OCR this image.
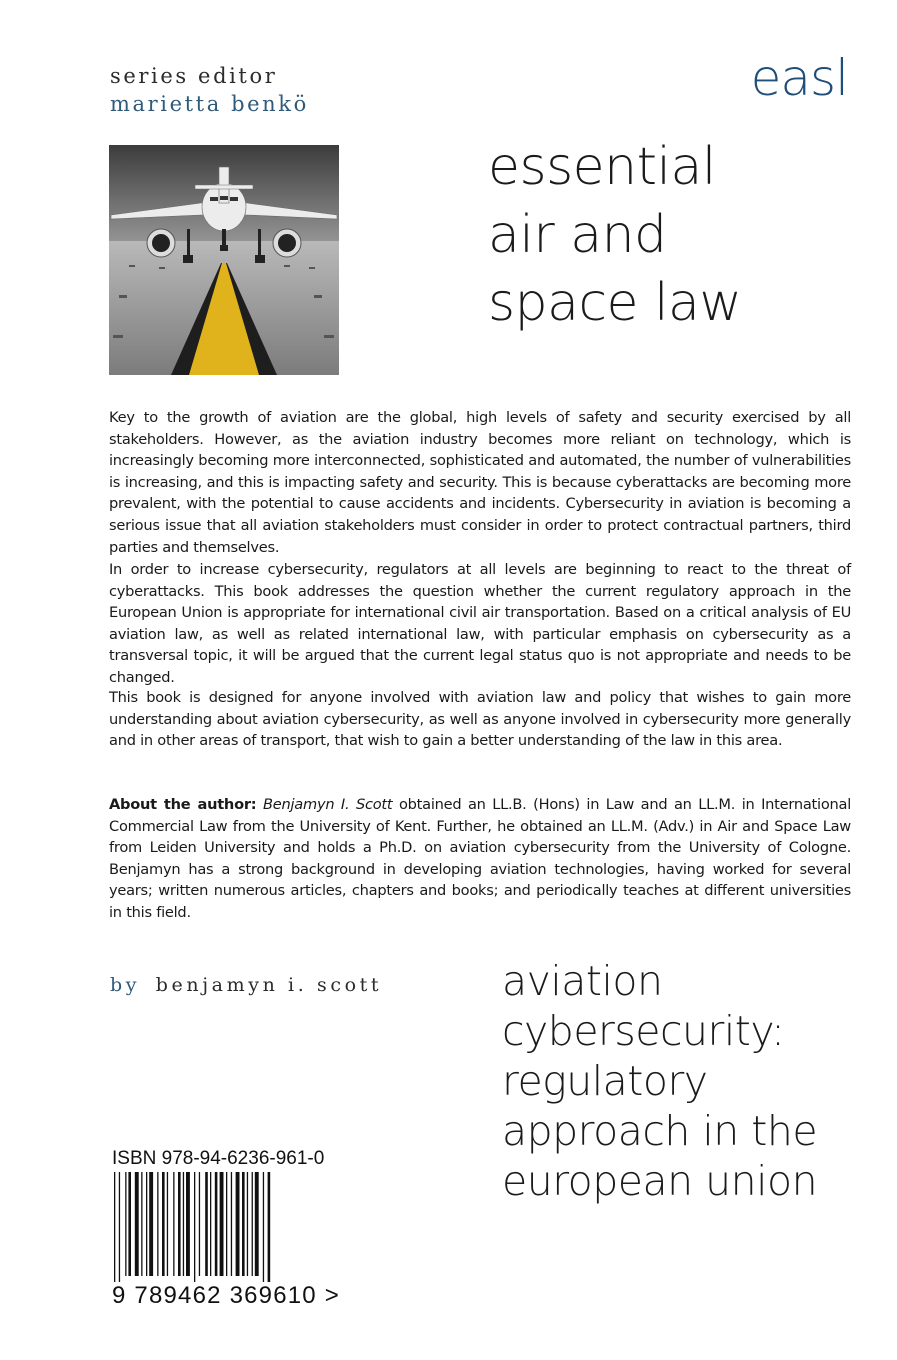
series editor
marietta benkö	easl
essential
air and
space law

Key to the growth of aviation are the global, high levels of safety and security exercised by all stakeholders. However, as the aviation industry becomes more reliant on technology, which is increasingly becoming more interconnected, sophisticated and automated, the number of vulnerabilities is increasing, and this is impacting safety and security. This is because cyberattacks are becoming more prevalent, with the potential to cause accidents and incidents. Cybersecurity in aviation is becoming a serious issue that all aviation stakeholders must consider in order to protect contractual partners, third parties and themselves.

In order to increase cybersecurity, regulators at all levels are beginning to react to the threat of cyberattacks. This book addresses the question whether the current regulatory approach in the European Union is appropriate for international civil air transportation. Based on a critical analysis of EU aviation law, as well as related international law, with particular emphasis on cybersecurity as a transversal topic, it will be argued that the current legal status quo is not appropriate and needs to be changed.

This book is designed for anyone involved with aviation law and policy that wishes to gain more understanding about aviation cybersecurity, as well as anyone involved in cybersecurity more generally and in other areas of transport, that wish to gain a better understanding of the law in this area.

About the author: Benjamyn I. Scott obtained an LL.B. (Hons) in Law and an LL.M. in International Commercial Law from the University of Kent. Further, he obtained an LL.M. (Adv.) in Air and Space Law from Leiden University and holds a Ph.D. on aviation cybersecurity from the University of Cologne. Benjamyn has a strong background in developing aviation technologies, having worked for several years; written numerous articles, chapters and books; and periodically teaches at different universities in this field.

by benjamyn i. scott	aviation
cybersecurity:
regulatory
approach in the
european union
ISBN 978-94-6236-961-0
9 789462 369610 >
